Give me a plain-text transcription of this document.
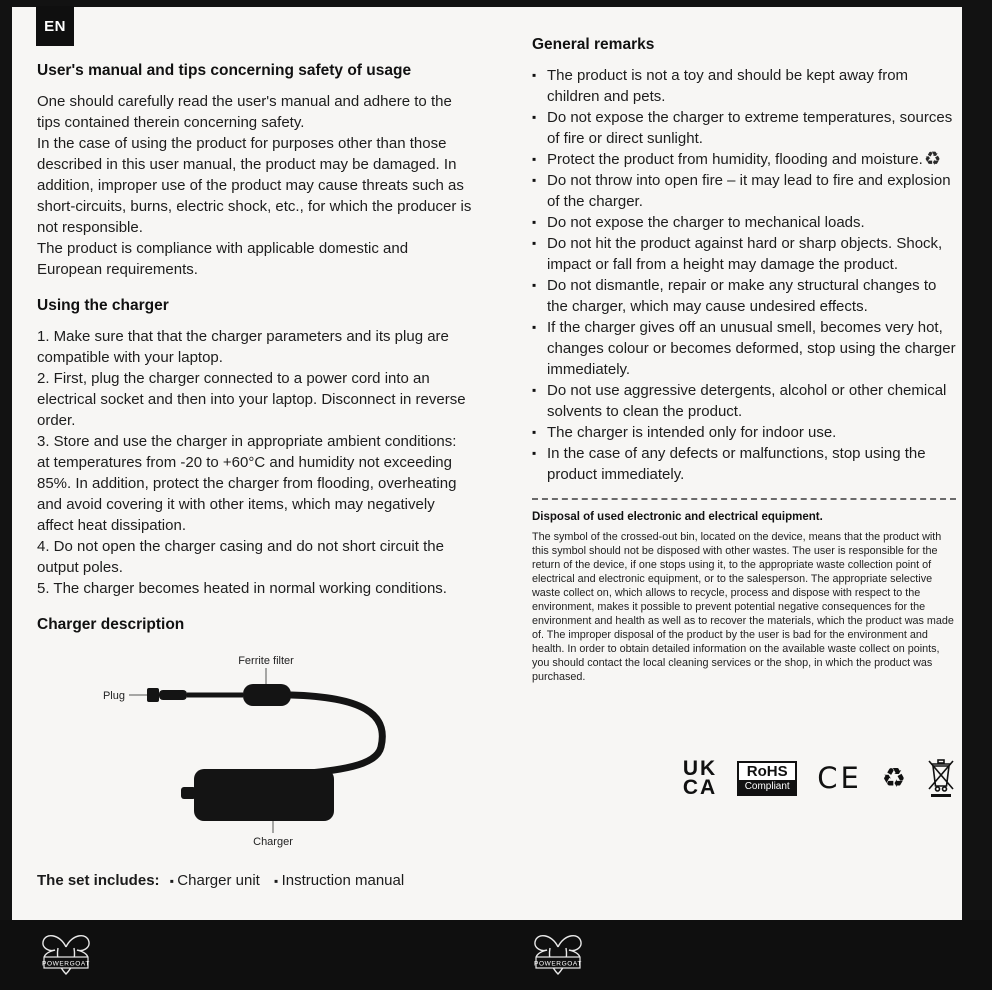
EN
♻
User's manual and tips concerning safety of usage

One should carefully read the user's manual and adhere to the tips contained therein concerning safety.

In the case of using the product for purposes other than those described in this user manual, the product may be damaged. In addition, improper use of the product may cause threats such as short-circuits, burns, electric shock, etc., for which the producer is not responsible.

The product is compliance with applicable domestic and European requirements.

Using the charger

1. Make sure that that the charger parameters and its plug are compatible with your laptop.

2. First, plug the charger connected to a power cord into an electrical socket and then into your laptop. Disconnect in reverse order.

3. Store and use the charger in appropriate ambient conditions: at temperatures from -20 to +60°C and humidity not exceeding 85%. In addition, protect the charger from flooding, overheating and avoid covering it with other items, which may negatively affect heat dissipation.

4. Do not open the charger casing and do not short circuit the output poles.

5. The charger becomes heated in normal working conditions.

Charger description
Ferrite filter
Plug
Charger
The set includes: ▪ Charger unit ▪ Instruction manual
General remarks
▪ The product is not a toy and should be kept away from children and pets.
▪ Do not expose the charger to extreme temperatures, sources of fire or direct sunlight.
▪ Protect the product from humidity, flooding and moisture.
▪ Do not throw into open fire – it may lead to fire and explosion of the charger.
▪ Do not expose the charger to mechanical loads.
▪ Do not hit the product against hard or sharp objects. Shock, impact or fall from a height may damage the product.
▪ Do not dismantle, repair or make any structural changes to the charger, which may cause undesired effects.
▪ If the charger gives off an unusual smell, becomes very hot, changes colour or becomes deformed, stop using the charger immediately.
▪ Do not use aggressive detergents, alcohol or other chemical solvents to clean the product.
▪ The charger is intended only for indoor use.
▪ In the case of any defects or malfunctions, stop using the product immediately.
Disposal of used electronic and electrical equipment.

The symbol of the crossed-out bin, located on the device, means that the product with this symbol should not be disposed with other wastes. The user is responsible for the return of the device, if one stops using it, to the appropriate waste collection point of electrical and electronic equipment, or to the salesperson. The appropriate selective waste collect on, which allows to recycle, process and dispose with respect to the environment, makes it possible to prevent potential negative consequences for the environment and health as well as to recover the materials, which the product was made of. The improper disposal of the product by the user is bad for the environment and health. In order to obtain detailed information on the available waste collect on points, you should contact the local cleaning services or the shop, in which the product was purchased.

UK
CA
RoHS
Compliant CE ♻
POWERGOAT	POWERGOAT
